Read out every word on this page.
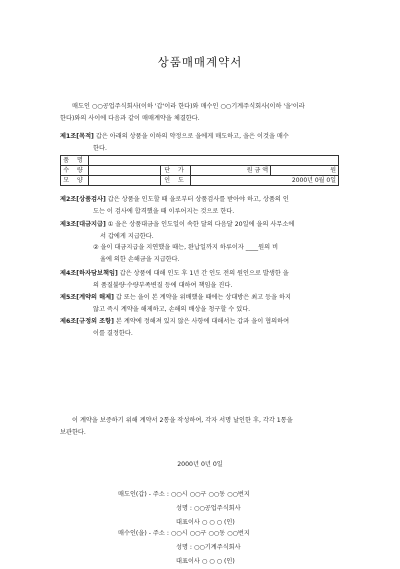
상품매매계약서
매도인 ○○공업주식회사(이하 '갑'이라 한다)와 매수인 ○○기계주식회사(이하 '을'이라
한다)와의 사이에 다음과 같이 매매계약을 체결한다.
제1조[목적] 갑은 아래의 상품을 이하의 약정으로 을에게 매도하고, 을은 이것을 매수
한다.
품 명				
수 량		단 가	원 금 액	원
모 양		인 도	2000년 0월 0일	
제2조[상품검사] 갑은 상품을 인도할 때 을로부터 상품검사를 받아야 하고, 상품의 인
도는 이 검사에 합격했을 때 이루어지는 것으로 한다.
제3조[대금지급] ① 을은 상품대금을 인도일이 속한 달의 다음달 20일에 을의 사무소에
서 갑에게 지급한다.
② 을이 대금지급을 지연했을 때는, 완납일까지 하루이자 ____원의 비
율에 의한 손해금을 지급한다.
제4조[하자담보책임] 갑은 상품에 대해 인도 후 1년 간 인도 전의 원인으로 발생한 을
의 품질불량·수량부족변질 등에 대하여 책임을 진다.
제5조[계약의 해제] 갑 또는 을이 본 계약을 위배했을 때에는 상대방은 최고 등을 하지
않고 즉시 계약을 해제하고, 손해의 배상을 청구할 수 있다.
제6조[규정외 조항] 본 계약에 정해져 있지 않은 사항에 대해서는 갑과 을이 협의하여
이를 결정한다.
이 계약을 보증하기 위해 계약서 2통을 작성하여, 각자 서명 날인한 후, 각각 1통을
보관한다.
2000년 0년 0일
매도인(갑) - 주소 : ○○시 ○○구 ○○동 ○○번지
성명 : ○○공업주식회사
대표이사 ○ ○ ○ (인)
매수인(을) - 주소 : ○○시 ○○구 ○○동 ○○번지
성명 : ○○기계주식회사
대표이사 ○ ○ ○ (인)
